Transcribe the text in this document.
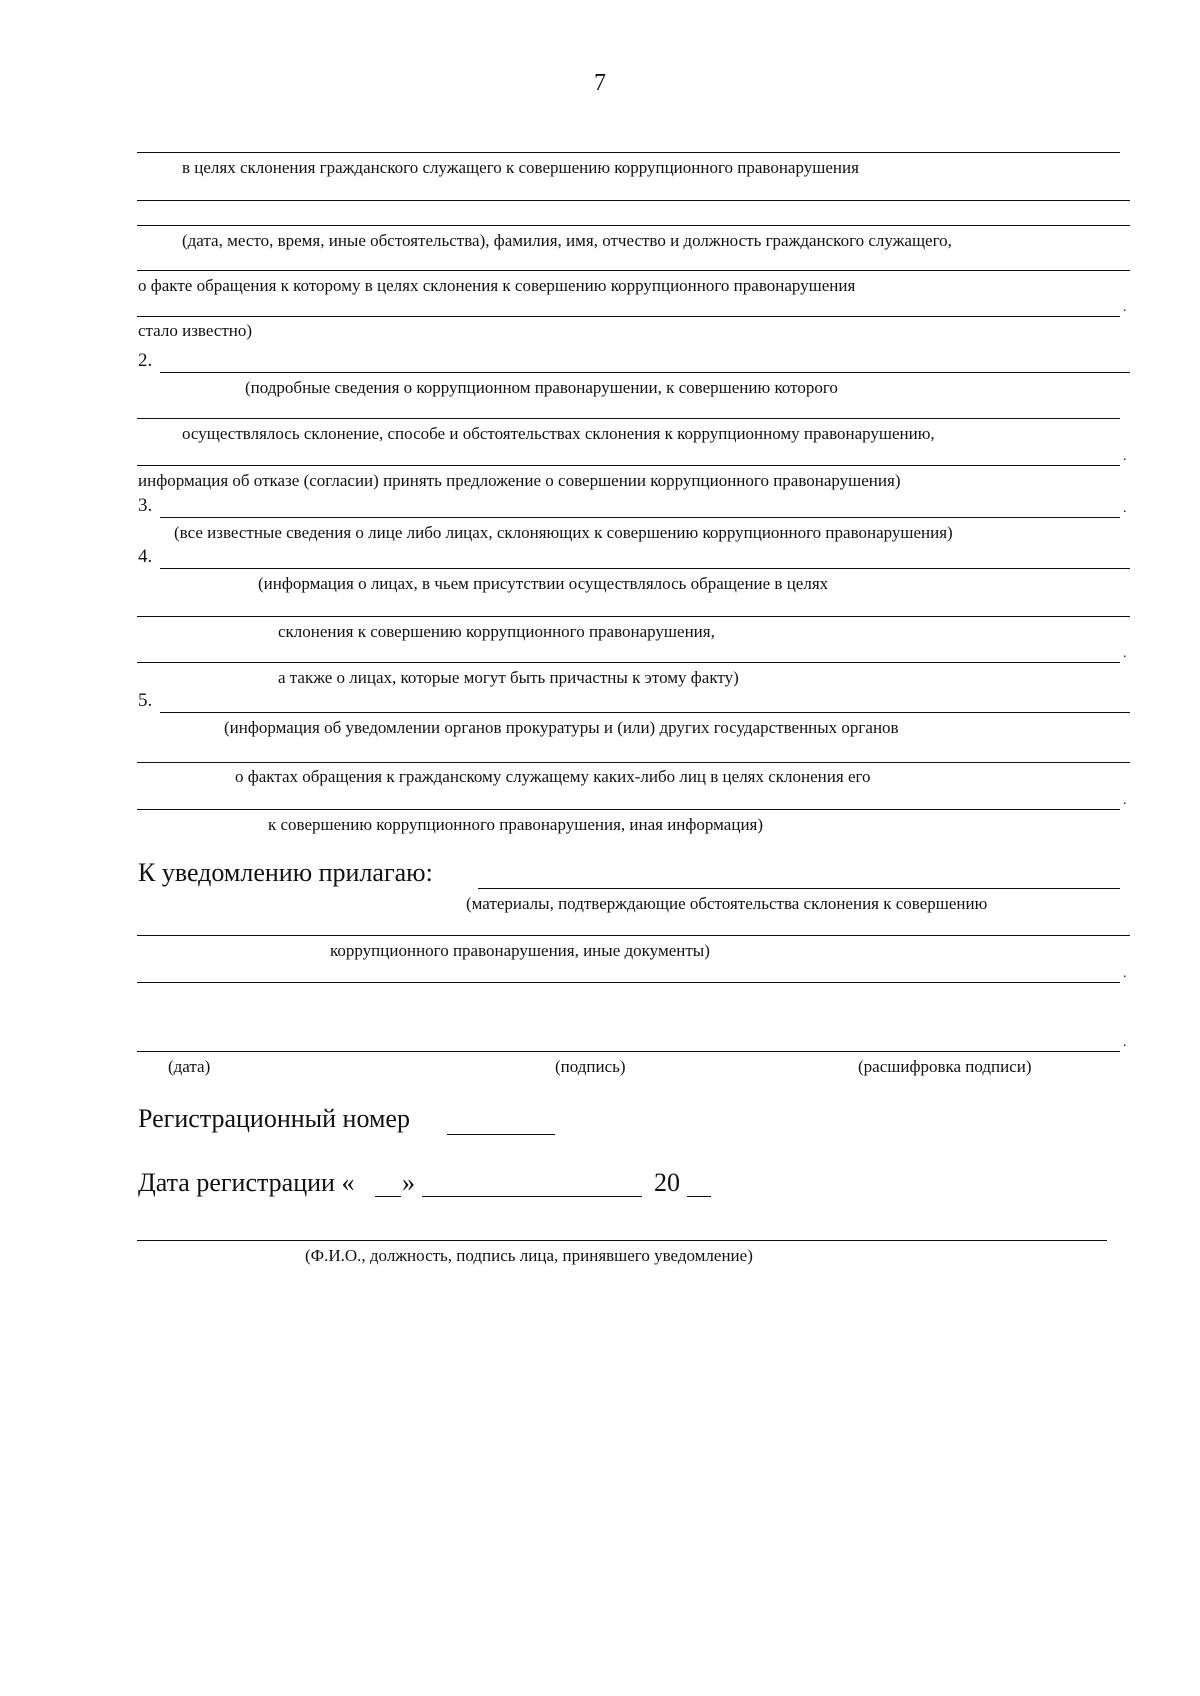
7
в целях склонения гражданского служащего к совершению коррупционного правонарушения
(дата, место, время, иные обстоятельства), фамилия, имя, отчество и должность гражданского служащего,
о факте обращения к которому в целях склонения к совершению коррупционного правонарушения
.
стало известно)
2.
(подробные сведения о коррупционном правонарушении, к совершению которого
осуществлялось склонение, способе и обстоятельствах склонения к коррупционному правонарушению,
.
информация об отказе (согласии) принять предложение о совершении коррупционного правонарушения)
3.	.
(все известные сведения о лице либо лицах, склоняющих к совершению коррупционного правонарушения)
4.
(информация о лицах, в чьем присутствии осуществлялось обращение в целях
склонения к совершению коррупционного правонарушения,
.
а также о лицах, которые могут быть причастны к этому факту)
5.
(информация об уведомлении органов прокуратуры и (или) других государственных органов
о фактах обращения к гражданскому служащему каких-либо лиц в целях склонения его
.
к совершению коррупционного правонарушения, иная информация)
К уведомлению прилагаю:
(материалы, подтверждающие обстоятельства склонения к совершению
коррупционного правонарушения, иные документы)
.
.
(дата)	(подпись)	(расшифровка подписи)
Регистрационный номер
Дата регистрации « »	20
(Ф.И.О., должность, подпись лица, принявшего уведомление)
